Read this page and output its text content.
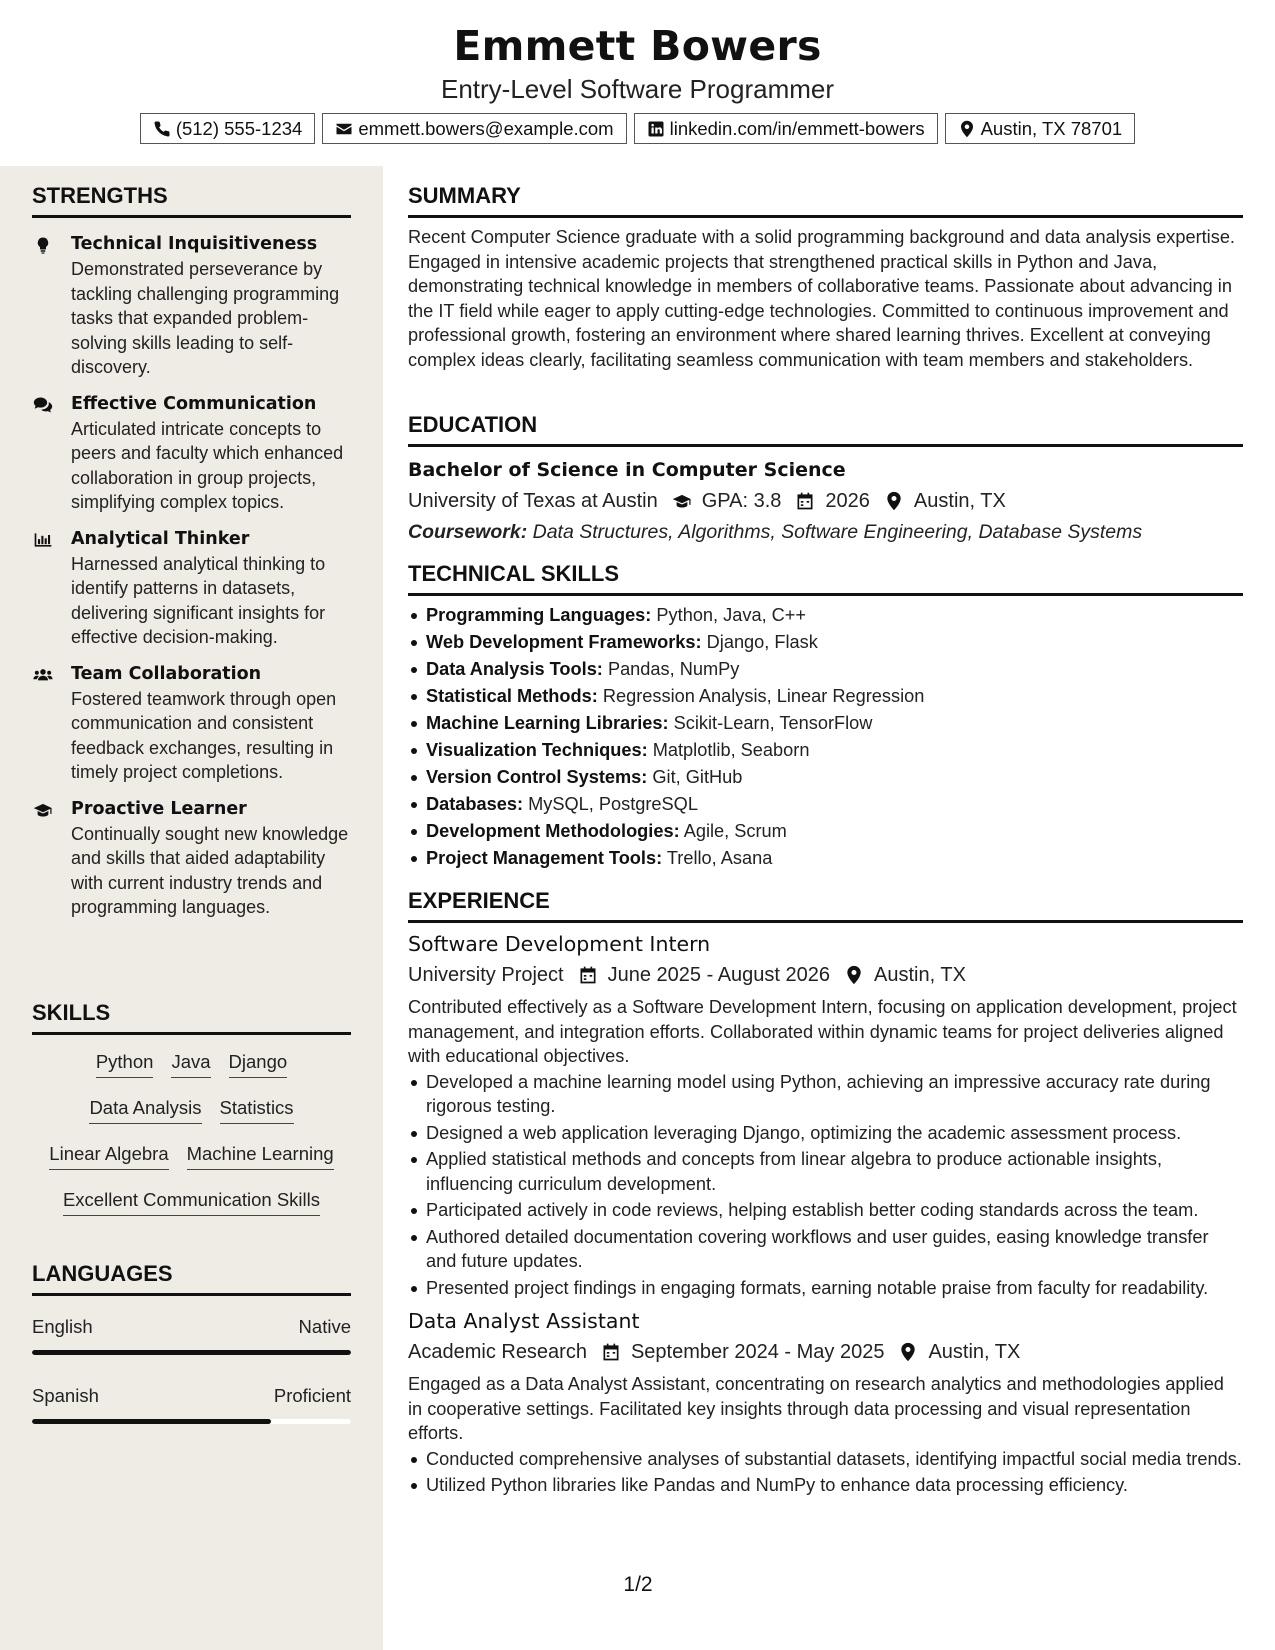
Emmett Bowers
Entry-Level Software Programmer
(512) 555-1234	emmett.bowers@example.com	linkedin.com/in/emmett-bowers	Austin, TX 78701
STRENGTHS
Technical Inquisitiveness
Demonstrated perseverance by tackling challenging programming tasks that expanded problem-solving skills leading to self-discovery.
Effective Communication
Articulated intricate concepts to peers and faculty which enhanced collaboration in group projects, simplifying complex topics.
Analytical Thinker
Harnessed analytical thinking to identify patterns in datasets, delivering significant insights for effective decision-making.
Team Collaboration
Fostered teamwork through open communication and consistent feedback exchanges, resulting in timely project completions.
Proactive Learner
Continually sought new knowledge and skills that aided adaptability with current industry trends and programming languages.
SKILLS
Python Java Django
Data Analysis Statistics
Linear Algebra Machine Learning
Excellent Communication Skills
LANGUAGES
English	Native
Spanish	Proficient
SUMMARY
Recent Computer Science graduate with a solid programming background and data analysis expertise. Engaged in intensive academic projects that strengthened practical skills in Python and Java, demonstrating technical knowledge in members of collaborative teams. Passionate about advancing in the IT field while eager to apply cutting-edge technologies. Committed to continuous improvement and professional growth, fostering an environment where shared learning thrives. Excellent at conveying complex ideas clearly, facilitating seamless communication with team members and stakeholders.
EDUCATION
Bachelor of Science in Computer Science
University of Texas at Austin GPA: 3.8 2026 Austin, TX
Coursework: Data Structures, Algorithms, Software Engineering, Database Systems
TECHNICAL SKILLS
Programming Languages: Python, Java, C++
Web Development Frameworks: Django, Flask
Data Analysis Tools: Pandas, NumPy
Statistical Methods: Regression Analysis, Linear Regression
Machine Learning Libraries: Scikit-Learn, TensorFlow
Visualization Techniques: Matplotlib, Seaborn
Version Control Systems: Git, GitHub
Databases: MySQL, PostgreSQL
Development Methodologies: Agile, Scrum
Project Management Tools: Trello, Asana
EXPERIENCE
Software Development Intern
University Project June 2025 - August 2026 Austin, TX
Contributed effectively as a Software Development Intern, focusing on application development, project management, and integration efforts. Collaborated within dynamic teams for project deliveries aligned with educational objectives.
Developed a machine learning model using Python, achieving an impressive accuracy rate during rigorous testing.
Designed a web application leveraging Django, optimizing the academic assessment process.
Applied statistical methods and concepts from linear algebra to produce actionable insights, influencing curriculum development.
Participated actively in code reviews, helping establish better coding standards across the team.
Authored detailed documentation covering workflows and user guides, easing knowledge transfer and future updates.
Presented project findings in engaging formats, earning notable praise from faculty for readability.
Data Analyst Assistant
Academic Research September 2024 - May 2025 Austin, TX
Engaged as a Data Analyst Assistant, concentrating on research analytics and methodologies applied in cooperative settings. Facilitated key insights through data processing and visual representation efforts.
Conducted comprehensive analyses of substantial datasets, identifying impactful social media trends.
Utilized Python libraries like Pandas and NumPy to enhance data processing efficiency.
1/2
